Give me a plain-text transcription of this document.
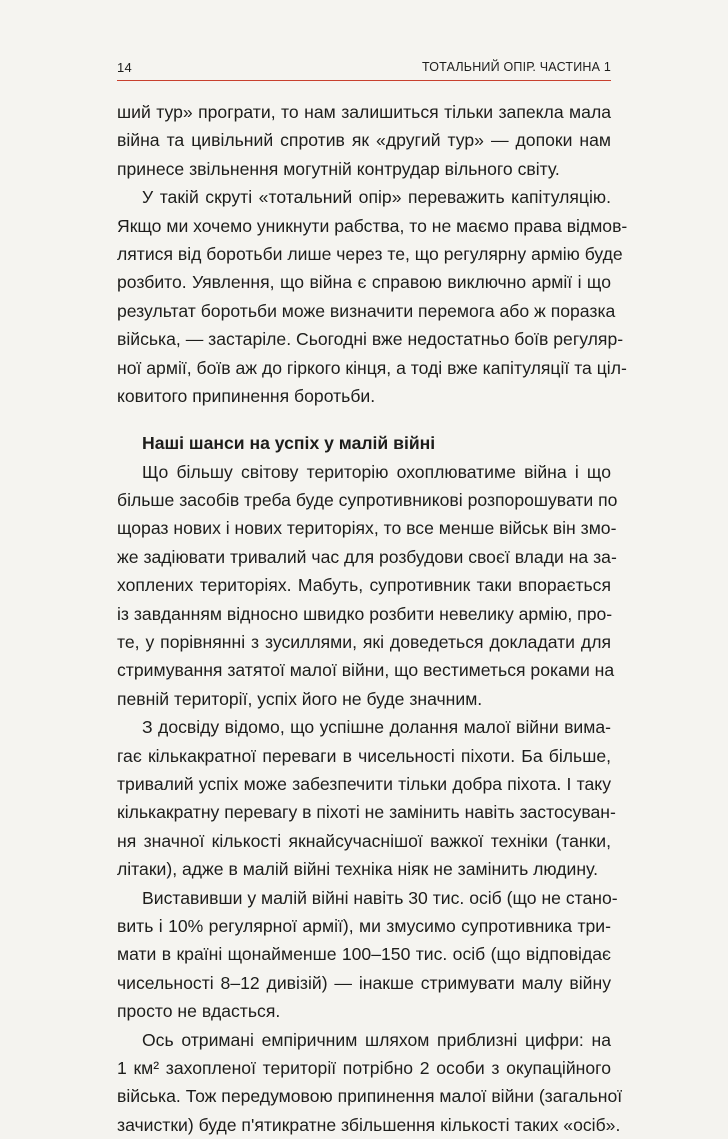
14	ТОТАЛЬНИЙ ОПІР. ЧАСТИНА 1
ший тур» програти, то нам залишиться тільки запекла мала
війна та цивільний спротив як «другий тур» — допоки нам
принесе звільнення могутній контрудар вільного світу.
У такій скруті «тотальний опір» переважить капітуляцію.
Якщо ми хочемо уникнути рабства, то не маємо права відмов-
лятися від боротьби лише через те, що регулярну армію буде
розбито. Уявлення, що війна є справою виключно армії і що
результат боротьби може визначити перемога або ж поразка
війська, — застаріле. Сьогодні вже недостатньо боїв регуляр-
ної армії, боїв аж до гіркого кінця, а тоді вже капітуляції та ціл-
ковитого припинення боротьби.
Наші шанси на успіх у малій війні
Що більшу світову територію охоплюватиме війна і що
більше засобів треба буде супротивникові розпорошувати по
щораз нових і нових територіях, то все менше військ він змо-
же задіювати тривалий час для розбудови своєї влади на за-
хоплених територіях. Мабуть, супротивник таки впорається
із завданням відносно швидко розбити невелику армію, про-
те, у порівнянні з зусиллями, які доведеться докладати для
стримування затятої малої війни, що вестиметься роками на
певній території, успіх його не буде значним.
З досвіду відомо, що успішне долання малої війни вима-
гає кількакратної переваги в чисельності піхоти. Ба більше,
тривалий успіх може забезпечити тільки добра піхота. І таку
кількакратну перевагу в піхоті не замінить навіть застосуван-
ня значної кількості якнайсучаснішої важкої техніки (танки,
літаки), адже в малій війні техніка ніяк не замінить людину.
Виставивши у малій війні навіть 30 тис. осіб (що не стано-
вить і 10% регулярної армії), ми змусимо супротивника три-
мати в країні щонайменше 100–150 тис. осіб (що відповідає
чисельності 8–12 дивізій) — інакше стримувати малу війну
просто не вдасться.
Ось отримані емпіричним шляхом приблизні цифри: на
1 км² захопленої території потрібно 2 особи з окупаційного
війська. Тож передумовою припинення малої війни (загальної
зачистки) буде п'ятикратне збільшення кількості таких «осіб».
